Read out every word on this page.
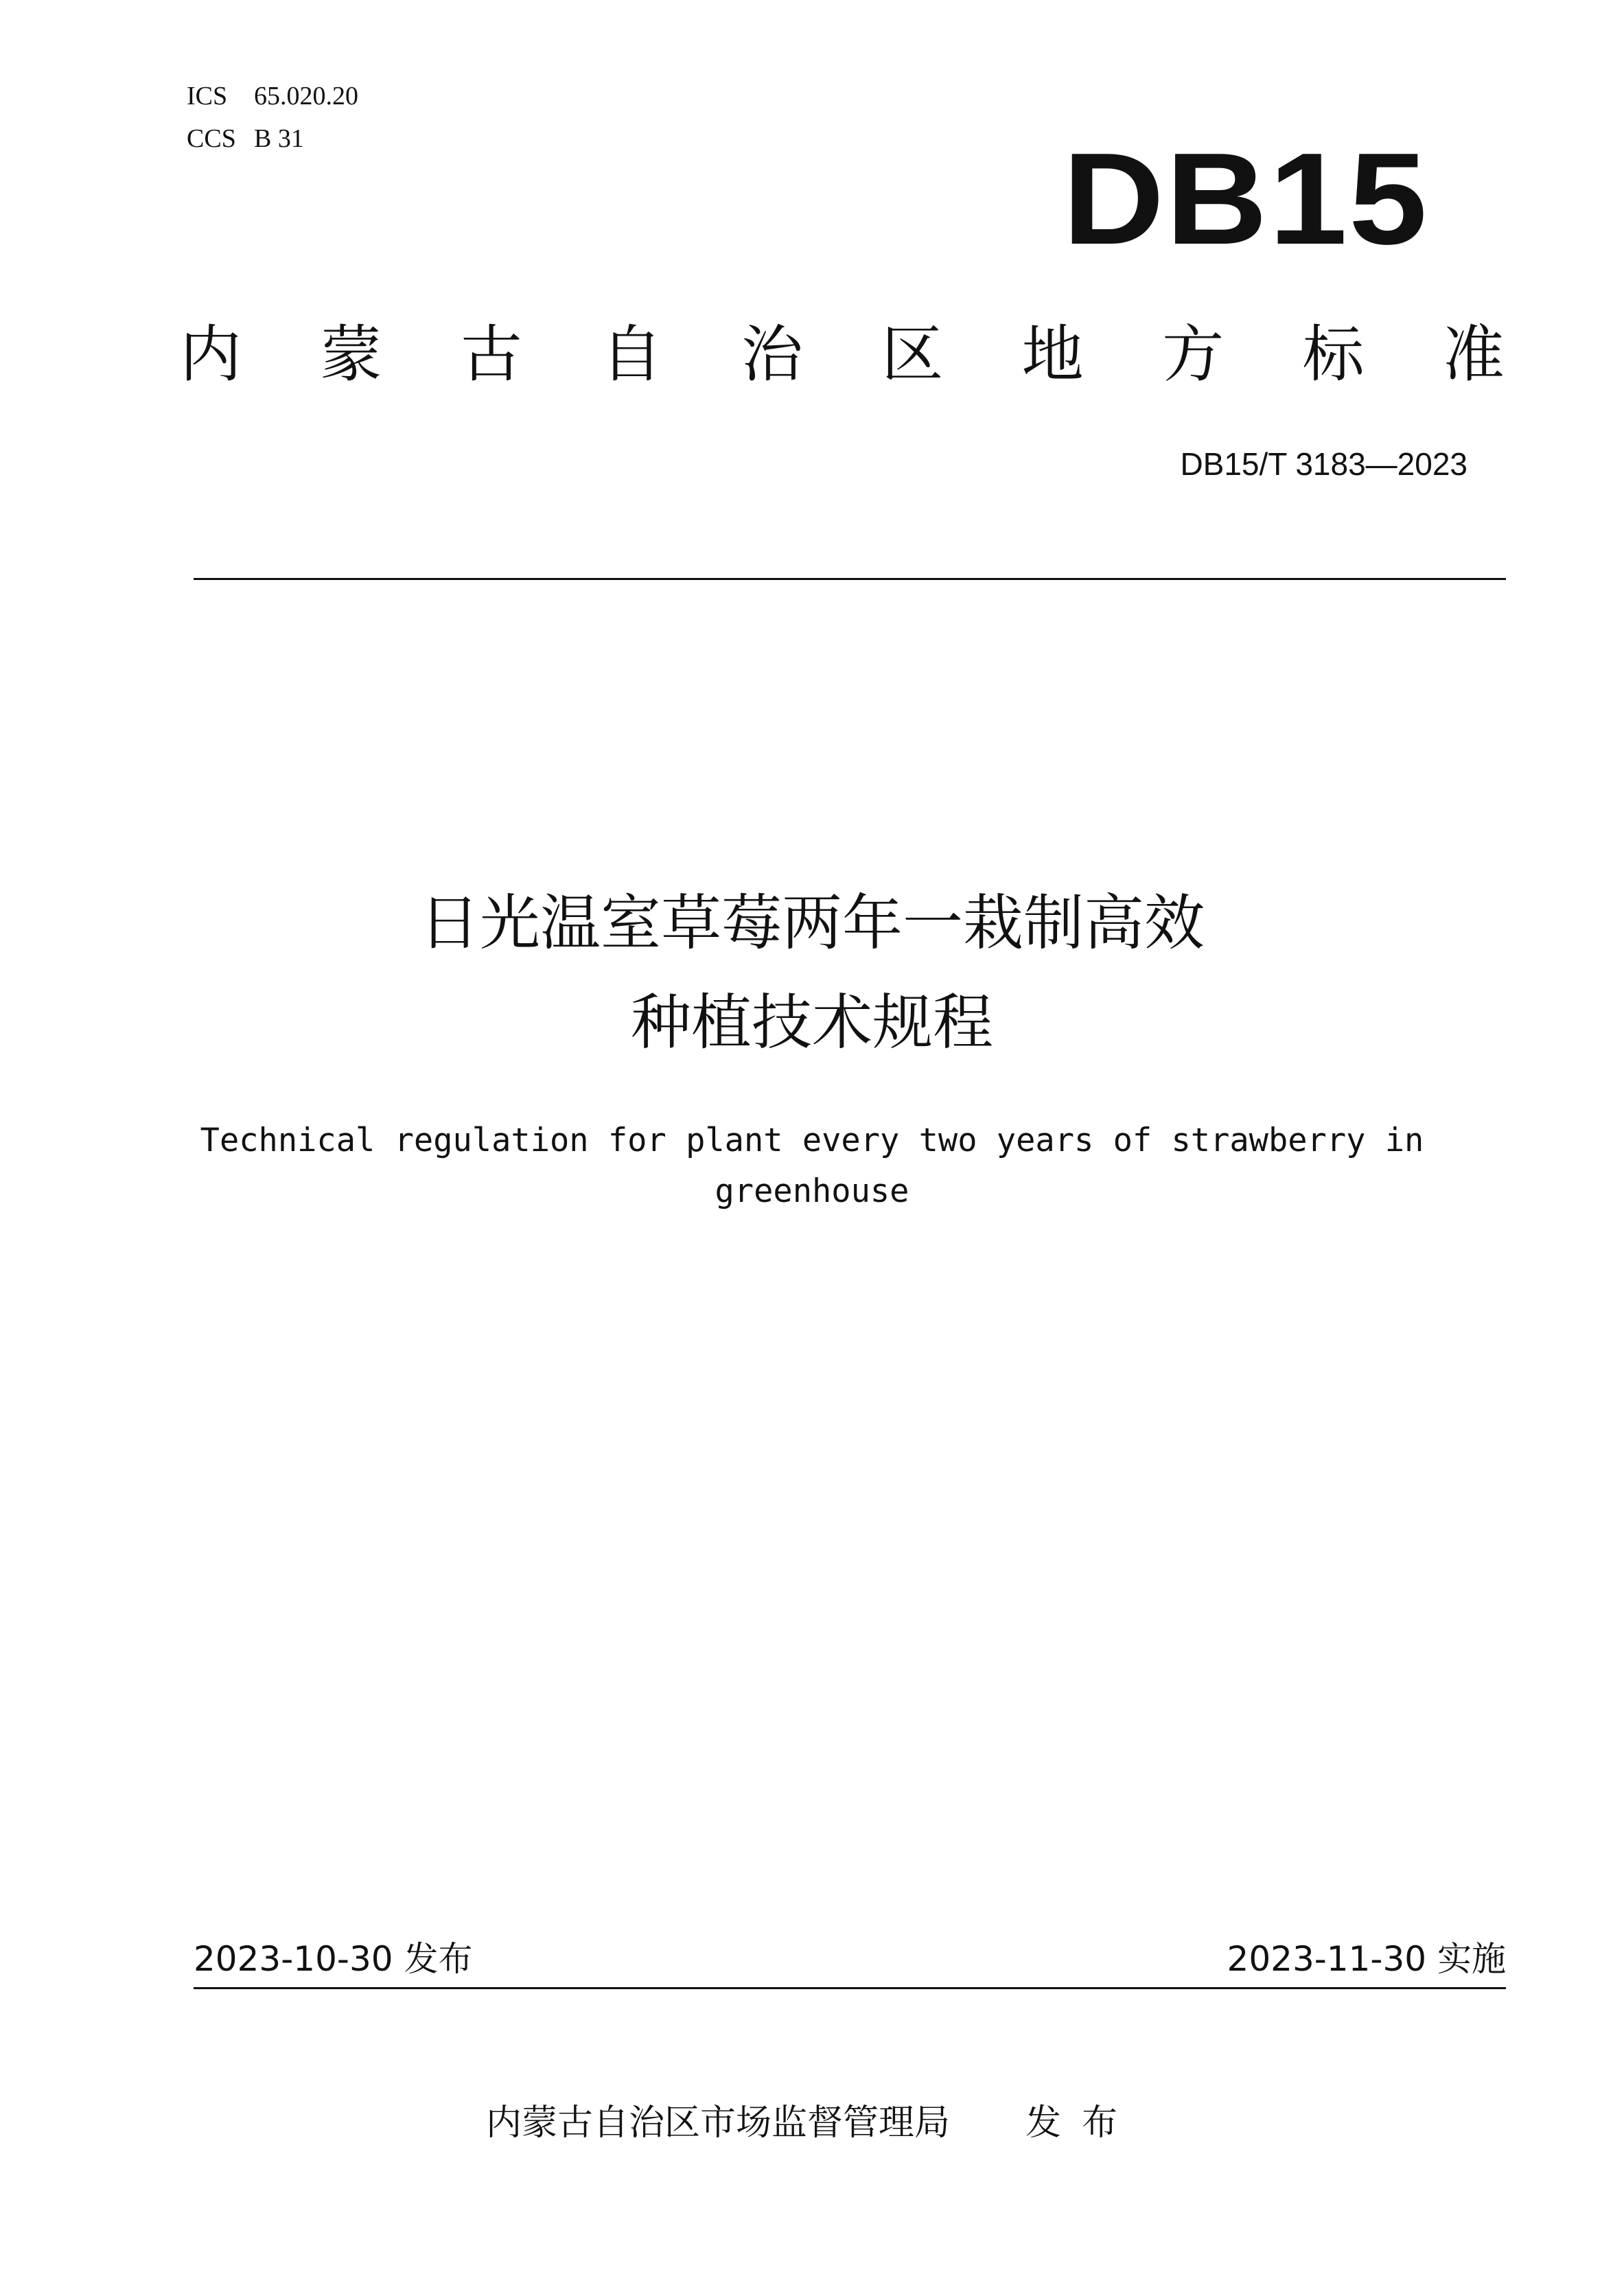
ICS 65.020.20
CCS B 31	DB15
内 蒙 古 自 治 区 地 方 标 准
DB15/T 3183—2023
日光温室草莓两年一栽制高效
种植技术规程
Technical regulation for plant every two years of strawberry in
greenhouse
2023-10-30 发布	2023-11-30 实施
内蒙古自治区市场监督管理局 发布
